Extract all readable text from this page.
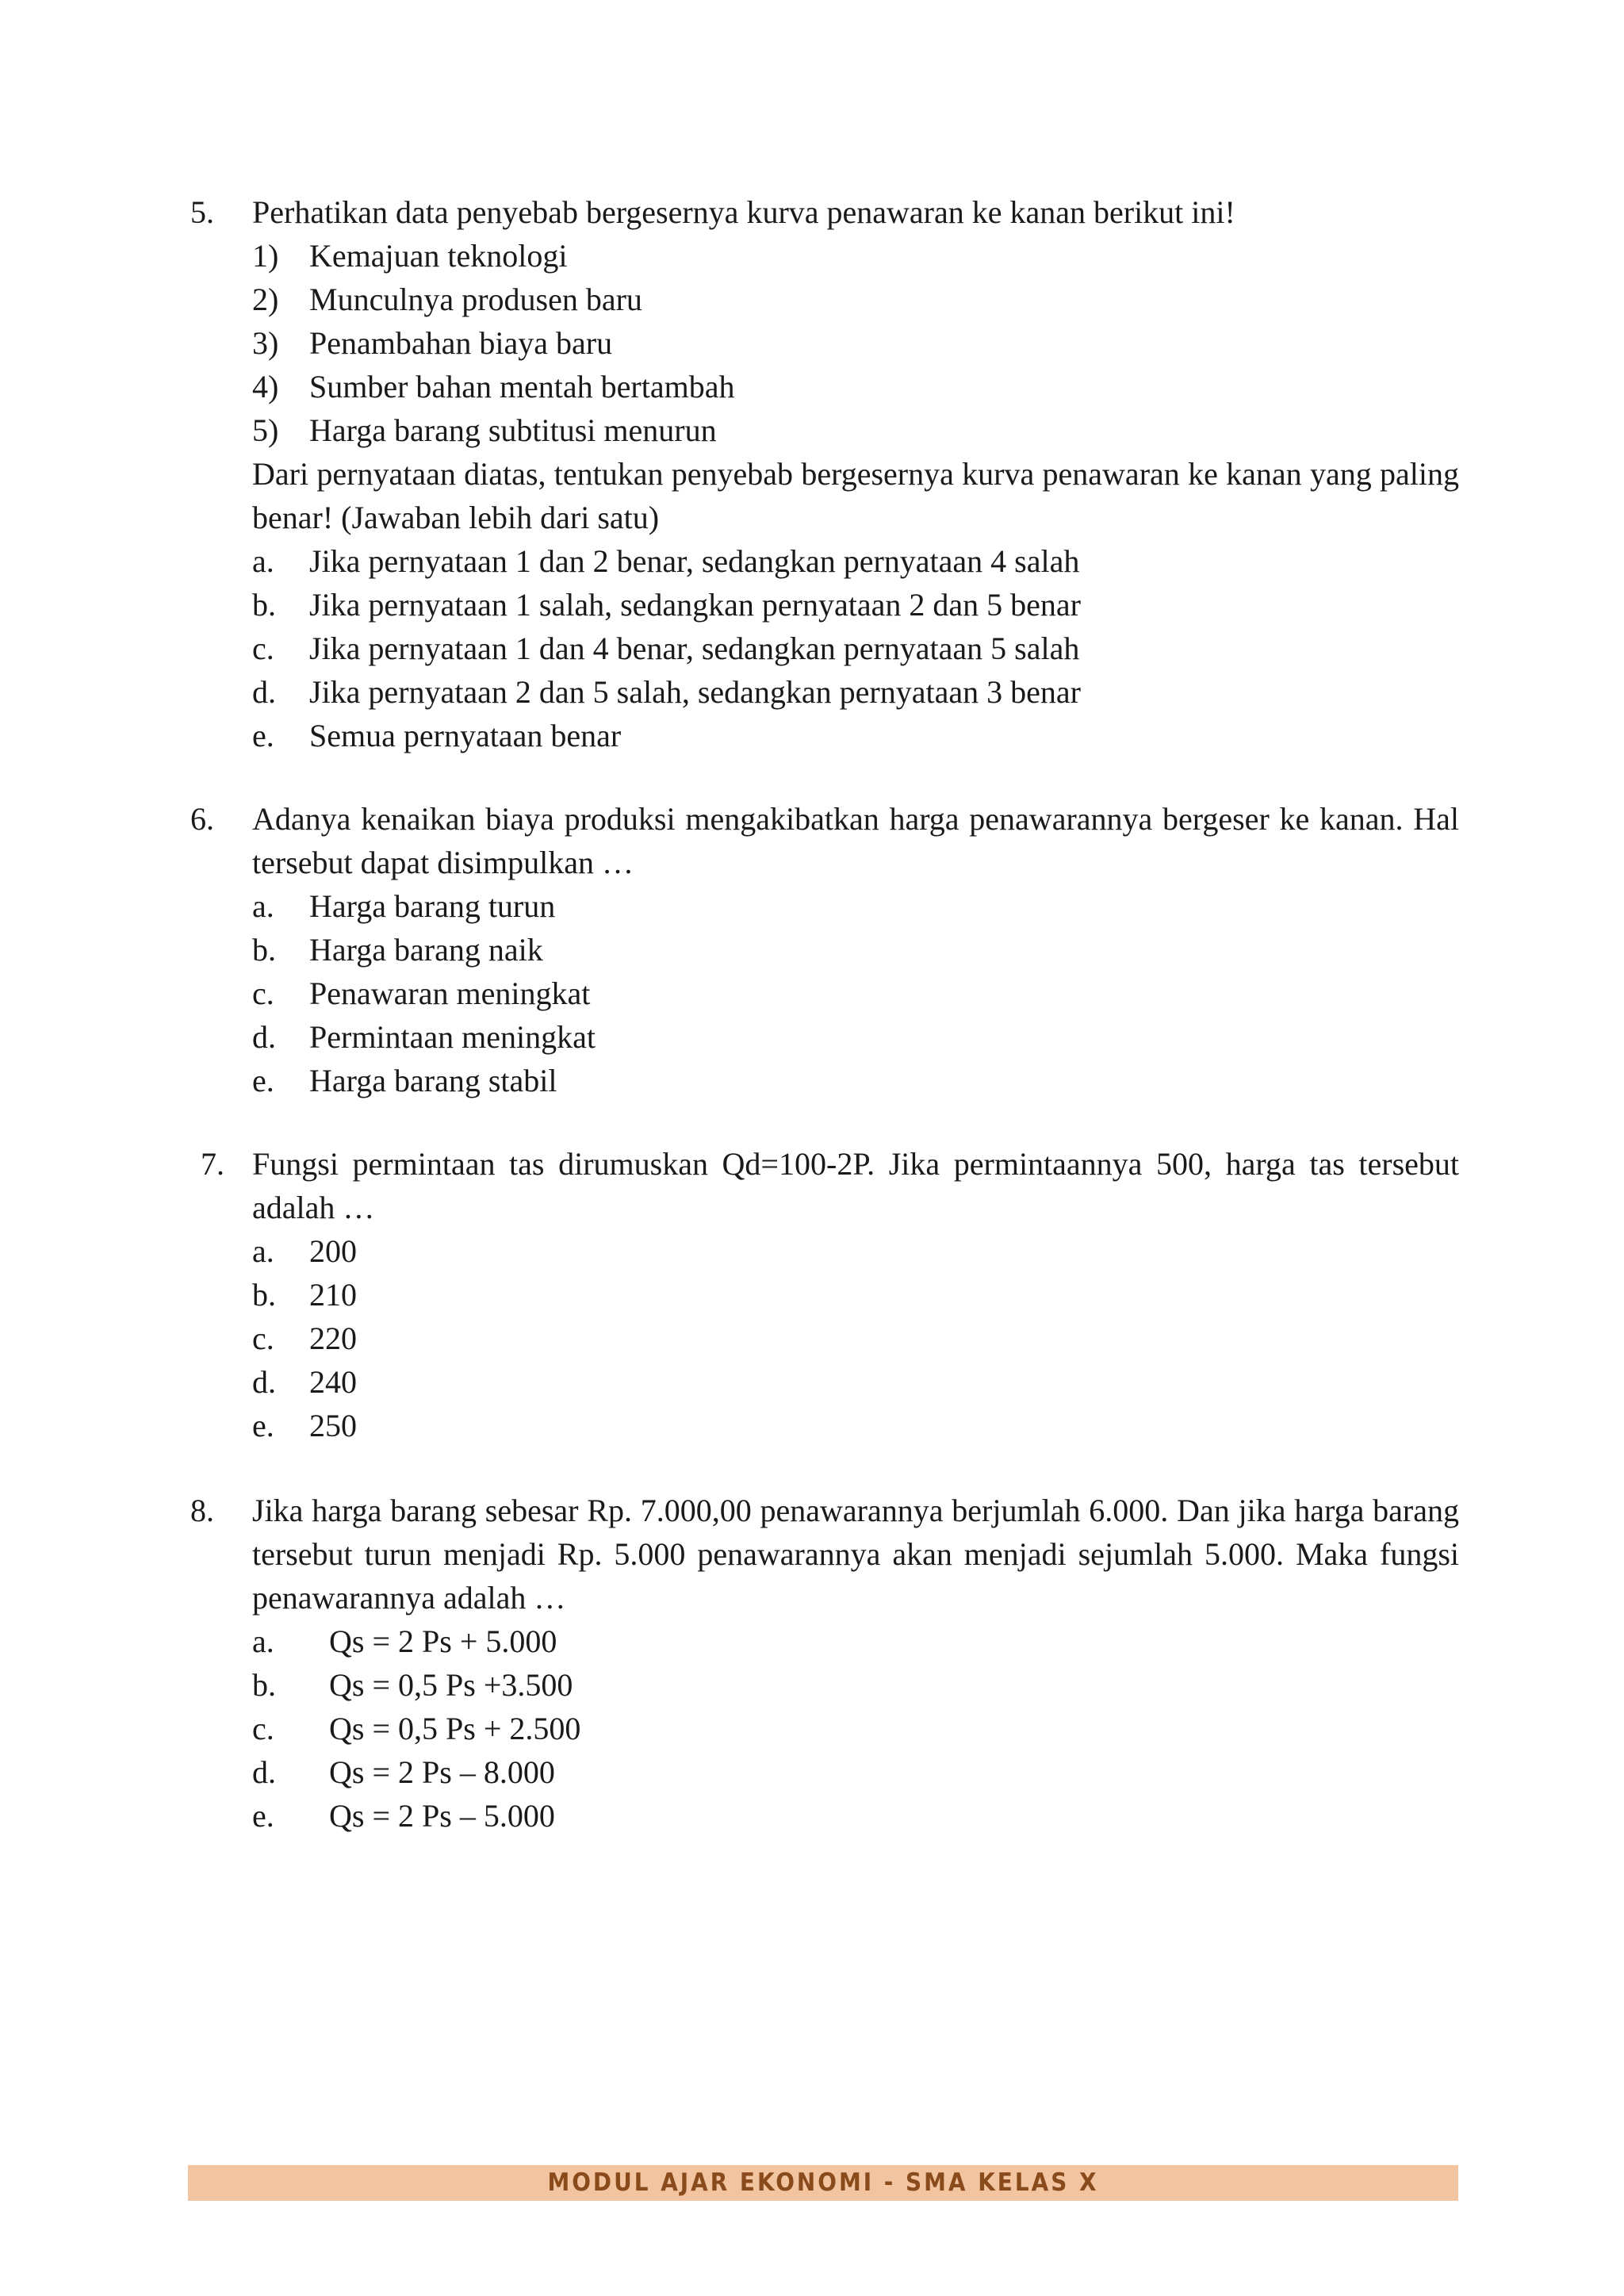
5. Perhatikan data penyebab bergesernya kurva penawaran ke kanan berikut ini!
1) Kemajuan teknologi
2) Munculnya produsen baru
3) Penambahan biaya baru
4) Sumber bahan mentah bertambah
5) Harga barang subtitusi menurun
Dari pernyataan diatas, tentukan penyebab bergesernya kurva penawaran ke kanan yang paling benar! (Jawaban lebih dari satu)
a. Jika pernyataan 1 dan 2 benar, sedangkan pernyataan 4 salah
b. Jika pernyataan 1 salah, sedangkan pernyataan 2 dan 5 benar
c. Jika pernyataan 1 dan 4 benar, sedangkan pernyataan 5 salah
d. Jika pernyataan 2 dan 5 salah, sedangkan pernyataan 3 benar
e. Semua pernyataan benar
6. Adanya kenaikan biaya produksi mengakibatkan harga penawarannya bergeser ke kanan. Hal tersebut dapat disimpulkan …
a. Harga barang turun
b. Harga barang naik
c. Penawaran meningkat
d. Permintaan meningkat
e. Harga barang stabil
7. Fungsi permintaan tas dirumuskan Qd=100-2P. Jika permintaannya 500, harga tas tersebut adalah …
a. 200
b. 210
c. 220
d. 240
e. 250
8. Jika harga barang sebesar Rp. 7.000,00 penawarannya berjumlah 6.000. Dan jika harga barang tersebut turun menjadi Rp. 5.000 penawarannya akan menjadi sejumlah 5.000. Maka fungsi penawarannya adalah …
a. Qs = 2 Ps + 5.000
b. Qs = 0,5 Ps +3.500
c. Qs = 0,5 Ps + 2.500
d. Qs = 2 Ps – 8.000
e. Qs = 2 Ps – 5.000
MODUL AJAR EKONOMI - SMA KELAS X
